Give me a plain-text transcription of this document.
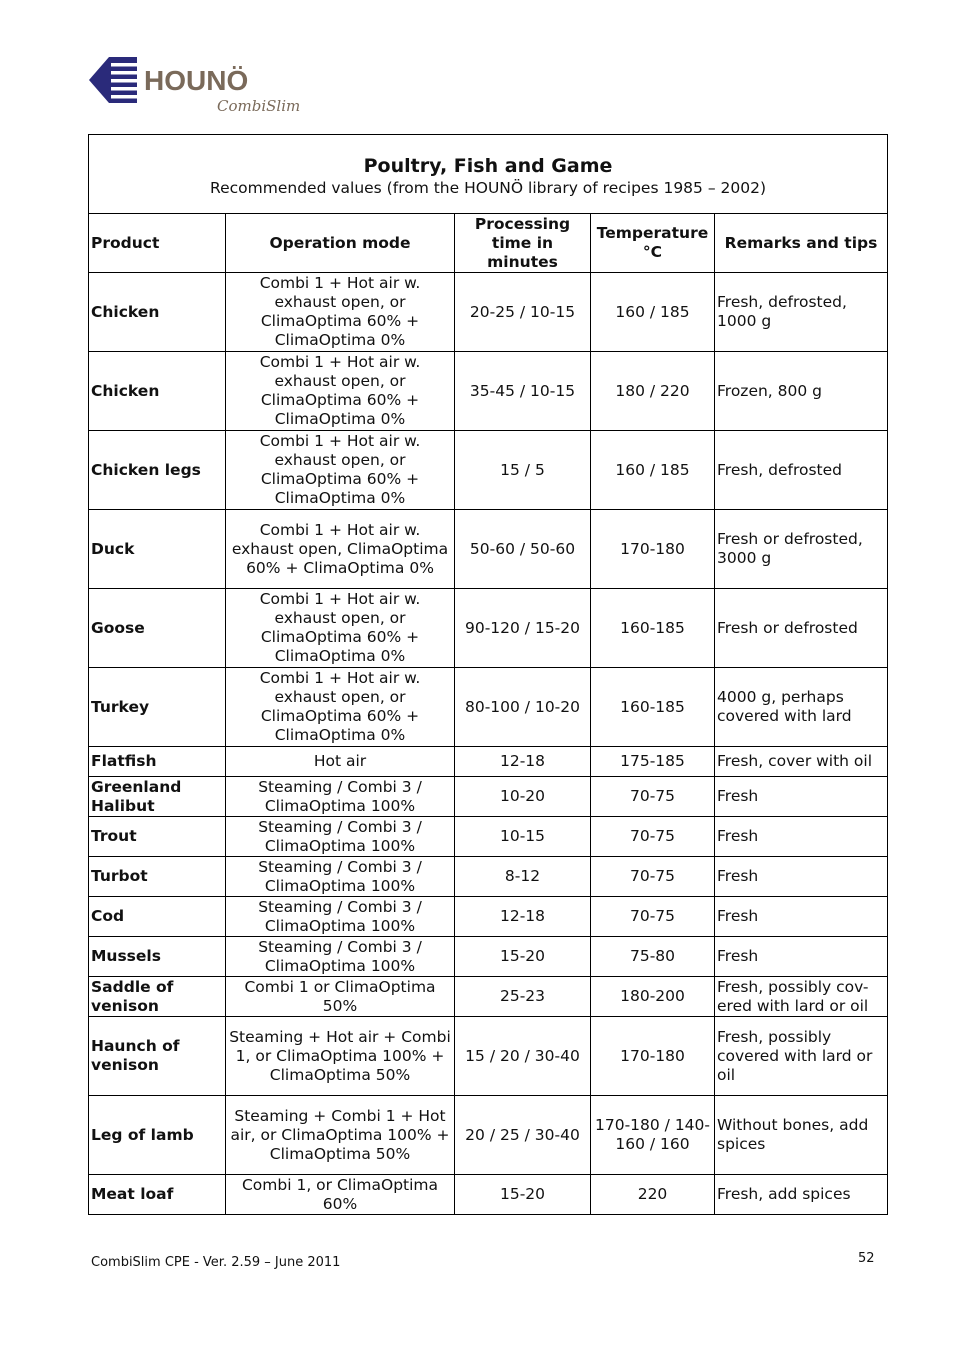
HOUNÖ
CombiSlim
Poultry, Fish and Game
Recommended values (from the HOUNÖ library of recipes 1985 – 2002)				

Product	Operation mode	Processing time in minutes	Temperature °C	Remarks and tips
Chicken	Combi 1 + Hot air w. exhaust open, or ClimaOptima 60% + ClimaOptima 0%	20-25 / 10-15	160 / 185	Fresh, defrosted, 1000 g
Chicken	Combi 1 + Hot air w. exhaust open, or ClimaOptima 60% + ClimaOptima 0%	35-45 / 10-15	180 / 220	Frozen, 800 g
Chicken legs	Combi 1 + Hot air w. exhaust open, or ClimaOptima 60% + ClimaOptima 0%	15 / 5	160 / 185	Fresh, defrosted
Duck	Combi 1 + Hot air w. exhaust open, ClimaOptima 60% + ClimaOptima 0%	50-60 / 50-60	170-180	Fresh or defrosted, 3000 g
Goose	Combi 1 + Hot air w. exhaust open, or ClimaOptima 60% + ClimaOptima 0%	90-120 / 15-20	160-185	Fresh or defrosted
Turkey	Combi 1 + Hot air w. exhaust open, or ClimaOptima 60% + ClimaOptima 0%	80-100 / 10-20	160-185	4000 g, perhaps covered with lard
Flatfish	Hot air	12-18	175-185	Fresh, cover with oil
Greenland Halibut	Steaming / Combi 3 / ClimaOptima 100%	10-20	70-75	Fresh
Trout	Steaming / Combi 3 / ClimaOptima 100%	10-15	70-75	Fresh
Turbot	Steaming / Combi 3 / ClimaOptima 100%	8-12	70-75	Fresh
Cod	Steaming / Combi 3 / ClimaOptima 100%	12-18	70-75	Fresh
Mussels	Steaming / Combi 3 / ClimaOptima 100%	15-20	75-80	Fresh
Saddle of venison	Combi 1 or ClimaOptima 50%	25-23	180-200	Fresh, possibly cov-ered with lard or oil
Haunch of venison	Steaming + Hot air + Combi 1, or ClimaOptima 100% + ClimaOptima 50%	15 / 20 / 30-40	170-180	Fresh, possibly covered with lard or oil
Leg of lamb	Steaming + Combi 1 + Hot air, or ClimaOptima 100% + ClimaOptima 50%	20 / 25 / 30-40	170-180 / 140-160 / 160	Without bones, add spices
Meat loaf	Combi 1, or ClimaOptima 60%	15-20	220	Fresh, add spices
CombiSlim CPE - Ver. 2.59 – June 2011	52
